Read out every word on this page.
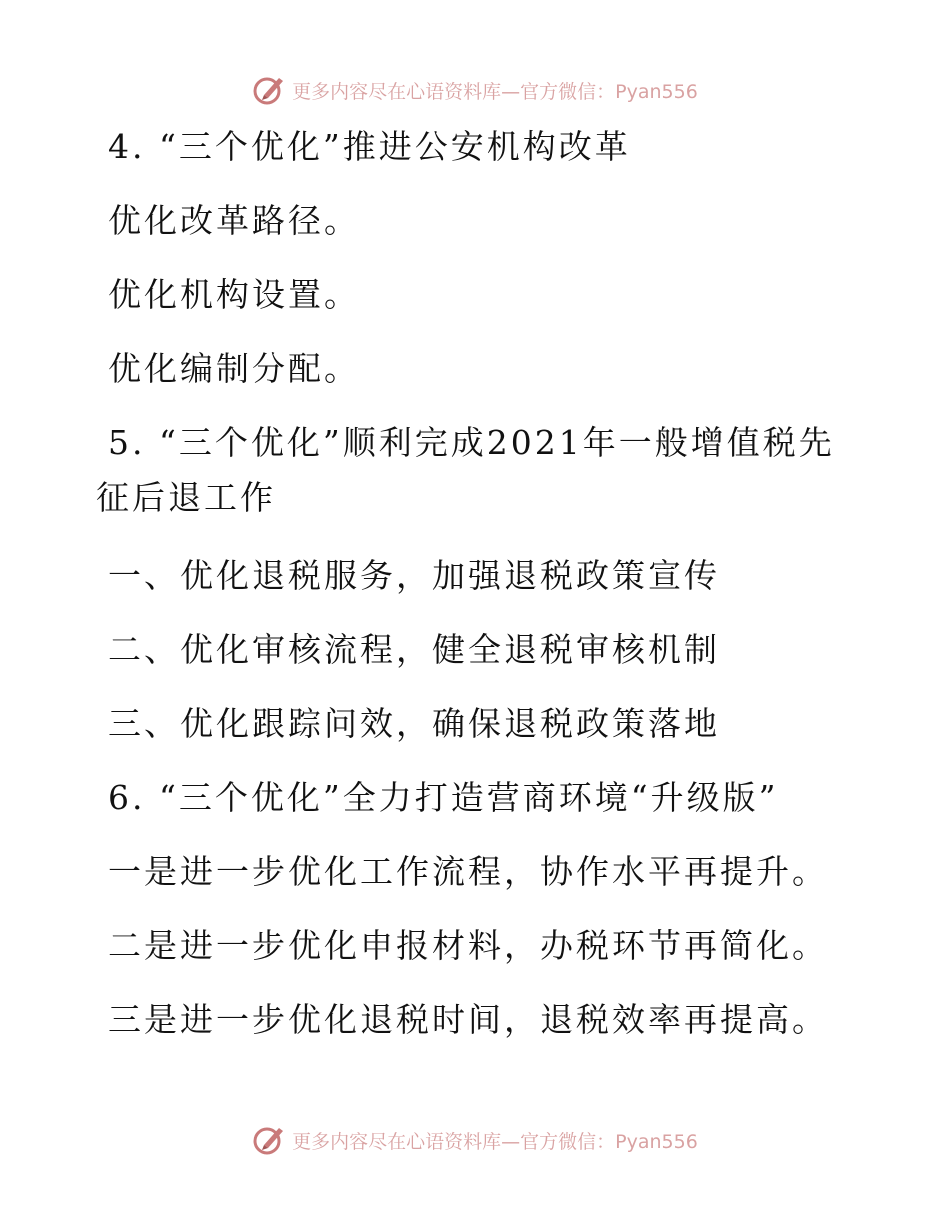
更多内容尽在心语资料库—官方微信：Pyan556
4. “三个优化”推进公安机构改革
优化改革路径。
优化机构设置。
优化编制分配。
5. “三个优化”顺利完成2021年一般增值税先
征后退工作
一、优化退税服务，加强退税政策宣传
二、优化审核流程，健全退税审核机制
三、优化跟踪问效，确保退税政策落地
6. “三个优化”全力打造营商环境“升级版”
一是进一步优化工作流程，协作水平再提升。
二是进一步优化申报材料，办税环节再简化。
三是进一步优化退税时间，退税效率再提高。
更多内容尽在心语资料库—官方微信：Pyan556
